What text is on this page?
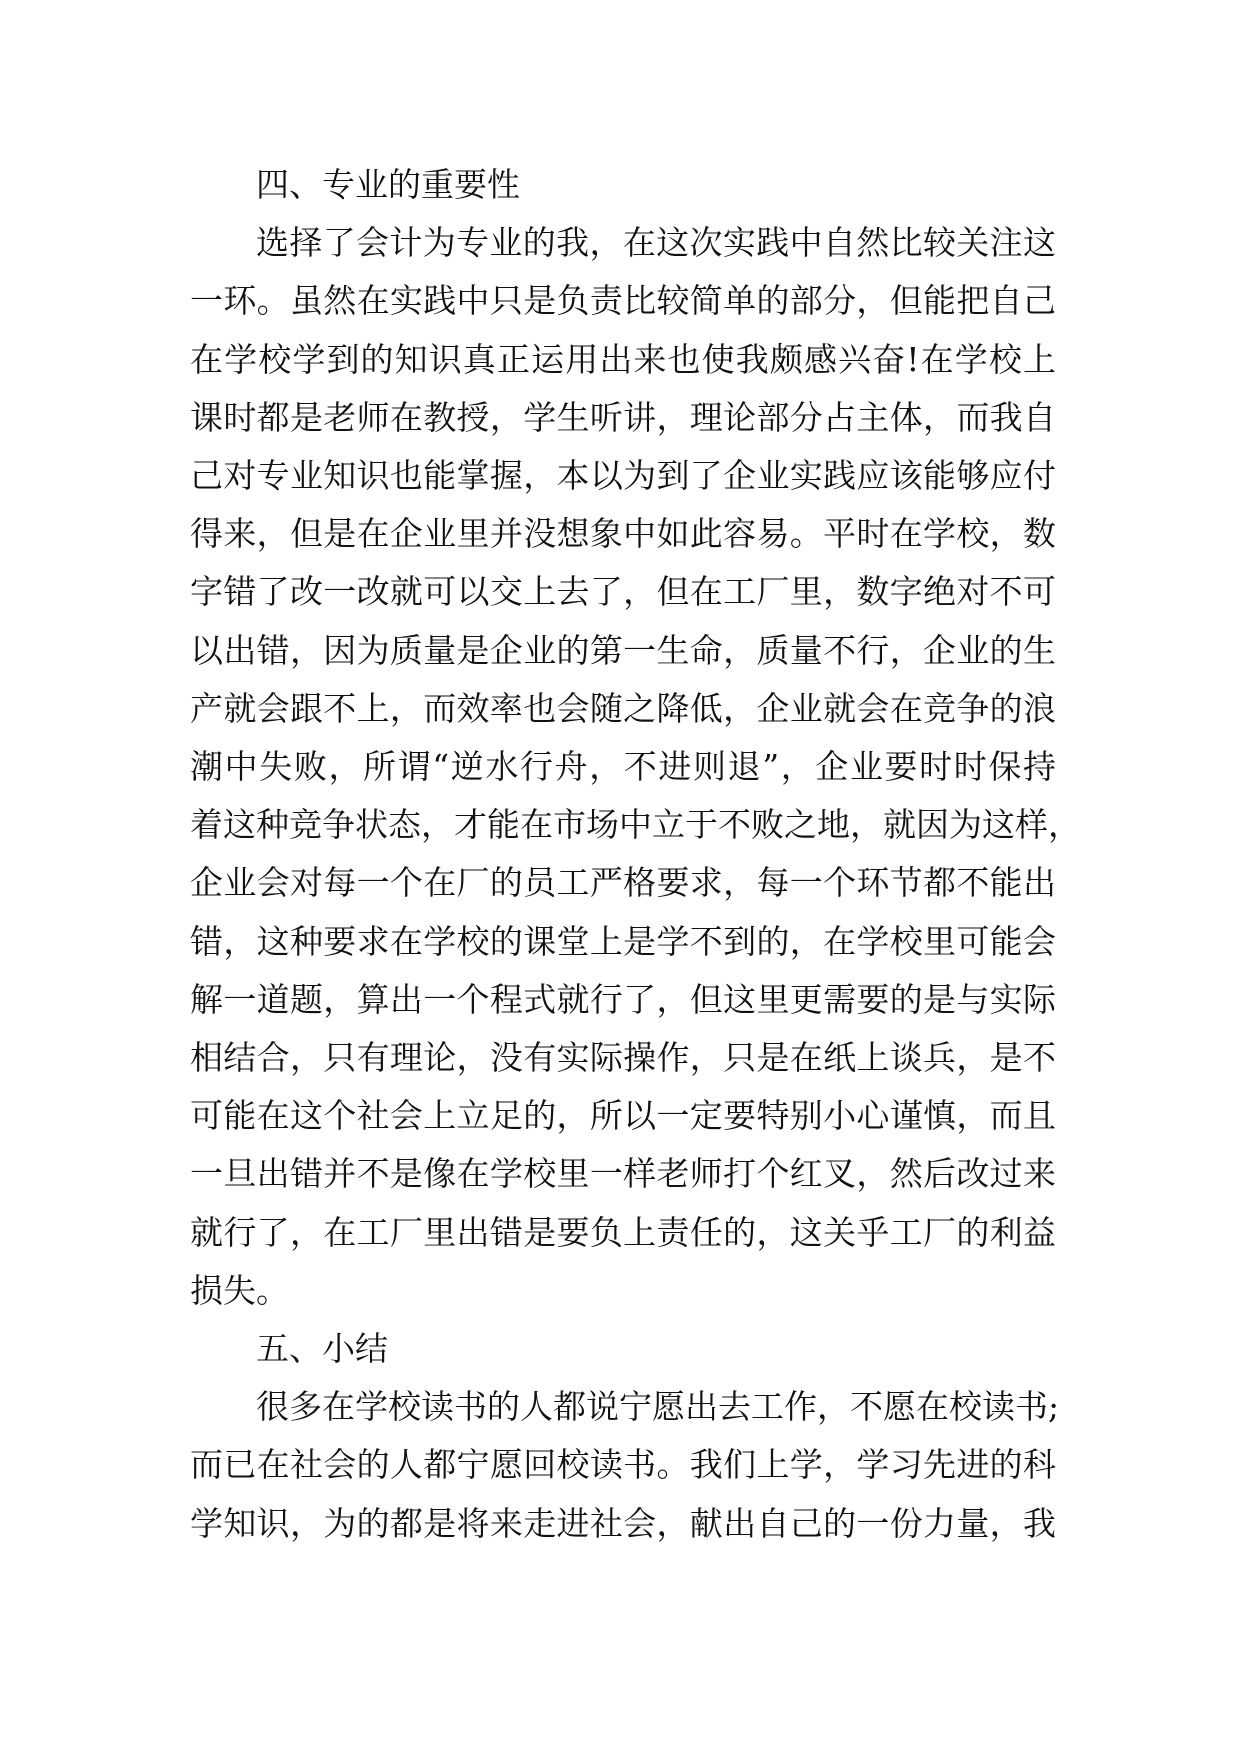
四、专业的重要性

选择了会计为专业的我，在这次实践中自然比较关注这
一环。虽然在实践中只是负责比较简单的部分，但能把自己
在学校学到的知识真正运用出来也使我颇感兴奋!在学校上
课时都是老师在教授，学生听讲，理论部分占主体，而我自
己对专业知识也能掌握，本以为到了企业实践应该能够应付
得来，但是在企业里并没想象中如此容易。平时在学校，数
字错了改一改就可以交上去了，但在工厂里，数字绝对不可
以出错，因为质量是企业的第一生命，质量不行，企业的生
产就会跟不上，而效率也会随之降低，企业就会在竞争的浪
潮中失败，所谓“逆水行舟，不进则退”，企业要时时保持
着这种竞争状态，才能在市场中立于不败之地，就因为这样，
企业会对每一个在厂的员工严格要求，每一个环节都不能出
错，这种要求在学校的课堂上是学不到的，在学校里可能会
解一道题，算出一个程式就行了，但这里更需要的是与实际
相结合，只有理论，没有实际操作，只是在纸上谈兵，是不
可能在这个社会上立足的，所以一定要特别小心谨慎，而且
一旦出错并不是像在学校里一样老师打个红叉，然后改过来
就行了，在工厂里出错是要负上责任的，这关乎工厂的利益
损失。

五、小结

很多在学校读书的人都说宁愿出去工作，不愿在校读书;
而已在社会的人都宁愿回校读书。我们上学，学习先进的科
学知识，为的都是将来走进社会，献出自己的一份力量，我
